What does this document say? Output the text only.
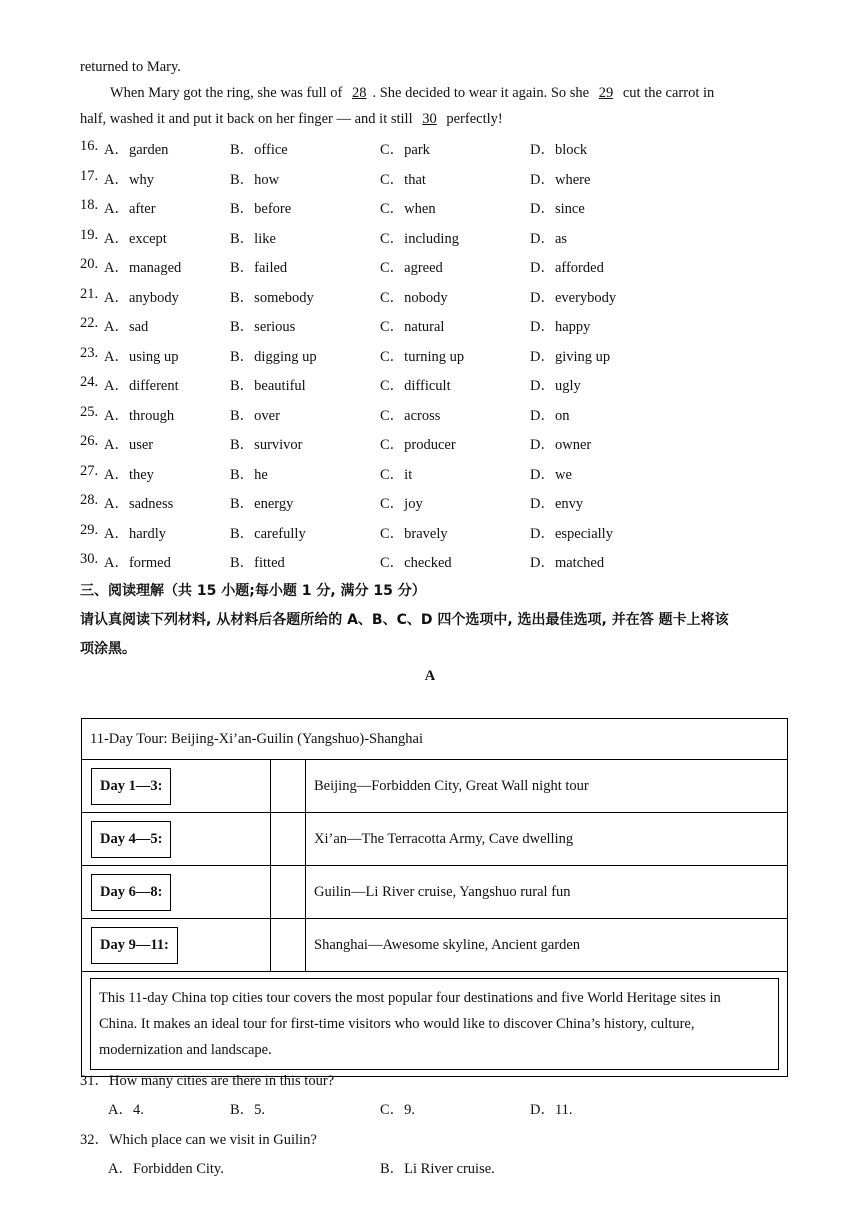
returned to Mary.
When Mary got the ring, she was full of 28 . She decided to wear it again. So she 29 cut the carrot in
half, washed it and put it back on her finger — and it still 30 perfectly!
16. A．garden	B．office	C．park	D．block
17. A．why	B．how	C．that	D．where
18. A．after	B．before	C．when	D．since
19. A．except	B．like	C．including	D．as
20. A．managed	B．failed	C．agreed	D．afforded
21. A．anybody	B．somebody	C．nobody	D．everybody
22. A．sad	B．serious	C．natural	D．happy
23. A．using up	B．digging up	C．turning up	D．giving up
24. A．different	B．beautiful	C．difficult	D．ugly
25. A．through	B．over	C．across	D．on
26. A．user	B．survivor	C．producer	D．owner
27. A．they	B．he	C．it	D．we
28. A．sadness	B．energy	C．joy	D．envy
29. A．hardly	B．carefully	C．bravely	D．especially
30. A．formed	B．fitted	C．checked	D．matched
三、阅读理解（共 15 小题;每小题 1 分, 满分 15 分）
请认真阅读下列材料, 从材料后各题所给的 A、B、C、D 四个选项中, 选出最佳选项, 并在答 题卡上将该
项涂黑。
A
11-Day Tour: Beijing-Xi’an-Guilin (Yangshuo)-Shanghai		
Day 1—3:		Beijing—Forbidden City, Great Wall night tour
Day 4—5:		Xi’an—The Terracotta Army, Cave dwelling
Day 6—8:		Guilin—Li River cruise, Yangshuo rural fun
Day 9—11:		Shanghai—Awesome skyline, Ancient garden

This 11-day China top cities tour covers the most popular four destinations and five World Heritage sites in
China. It makes an ideal tour for first-time visitors who would like to discover China’s history, culture,
modernization and landscape.		
31．How many cities are there in this tour?
A．4.	B．5.	C．9.	D．11.
32．Which place can we visit in Guilin?
A．Forbidden City.	B．Li River cruise.
